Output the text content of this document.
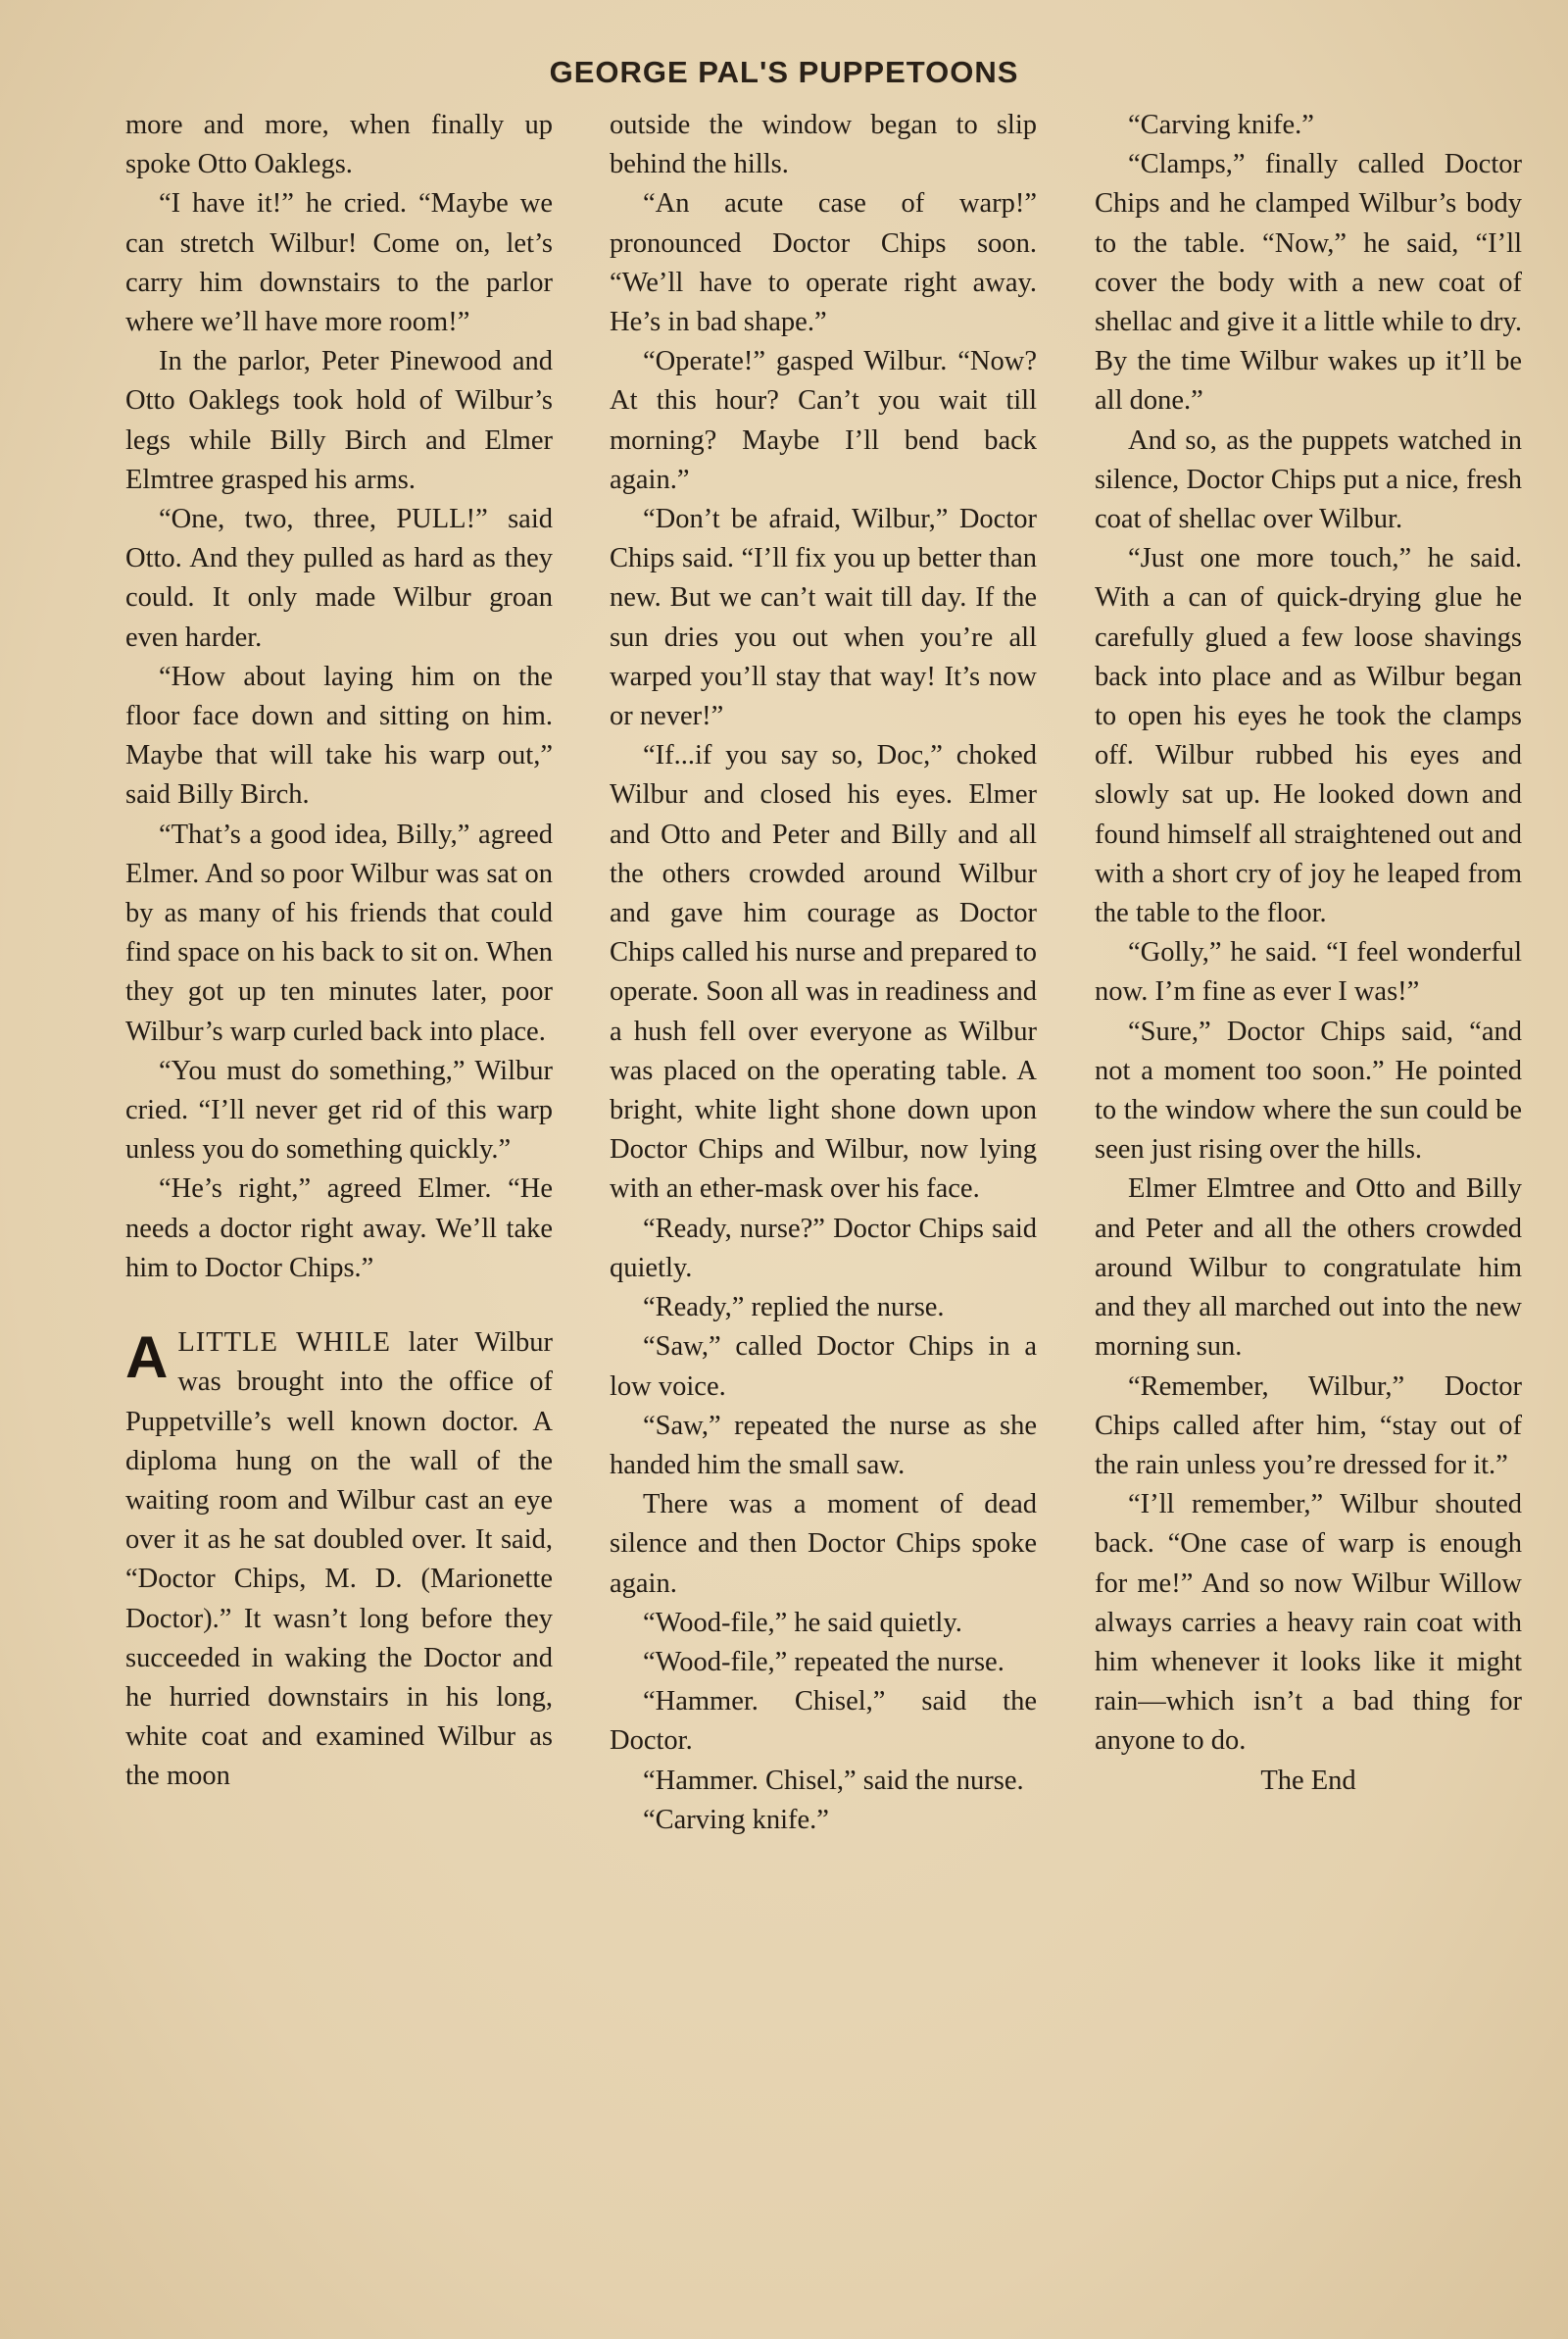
GEORGE PAL'S PUPPETOONS

more and more, when finally up spoke Otto Oaklegs.

“I have it!” he cried. “Maybe we can stretch Wilbur! Come on, let’s carry him downstairs to the parlor where we’ll have more room!”

In the parlor, Peter Pinewood and Otto Oaklegs took hold of Wilbur’s legs while Billy Birch and Elmer Elmtree grasped his arms.

“One, two, three, PULL!” said Otto. And they pulled as hard as they could. It only made Wilbur groan even harder.

“How about laying him on the floor face down and sitting on him. Maybe that will take his warp out,” said Billy Birch.

“That’s a good idea, Billy,” agreed Elmer. And so poor Wilbur was sat on by as many of his friends that could find space on his back to sit on. When they got up ten minutes later, poor Wilbur’s warp curled back into place.

“You must do something,” Wilbur cried. “I’ll never get rid of this warp unless you do something quickly.”

“He’s right,” agreed Elmer. “He needs a doctor right away. We’ll take him to Doctor Chips.”

ALITTLE WHILE later Wilbur was brought into the office of Puppetville’s well known doctor. A diploma hung on the wall of the waiting room and Wilbur cast an eye over it as he sat doubled over. It said, “Doctor Chips, M. D. (Marionette Doctor).” It wasn’t long before they succeeded in waking the Doctor and he hurried downstairs in his long, white coat and examined Wilbur as the moon

outside the window began to slip behind the hills.

“An acute case of warp!” pronounced Doctor Chips soon. “We’ll have to operate right away. He’s in bad shape.”

“Operate!” gasped Wilbur. “Now? At this hour? Can’t you wait till morning? Maybe I’ll bend back again.”

“Don’t be afraid, Wilbur,” Doctor Chips said. “I’ll fix you up better than new. But we can’t wait till day. If the sun dries you out when you’re all warped you’ll stay that way! It’s now or never!”

“If...if you say so, Doc,” choked Wilbur and closed his eyes. Elmer and Otto and Peter and Billy and all the others crowded around Wilbur and gave him courage as Doctor Chips called his nurse and prepared to operate. Soon all was in readiness and a hush fell over everyone as Wilbur was placed on the operating table. A bright, white light shone down upon Doctor Chips and Wilbur, now lying with an ether-mask over his face.

“Ready, nurse?” Doctor Chips said quietly.

“Ready,” replied the nurse.

“Saw,” called Doctor Chips in a low voice.

“Saw,” repeated the nurse as she handed him the small saw.

There was a moment of dead silence and then Doctor Chips spoke again.

“Wood-file,” he said quietly.

“Wood-file,” repeated the nurse.

“Hammer. Chisel,” said the Doctor.

“Hammer. Chisel,” said the nurse.

“Carving knife.”

“Carving knife.”

“Clamps,” finally called Doctor Chips and he clamped Wilbur’s body to the table. “Now,” he said, “I’ll cover the body with a new coat of shellac and give it a little while to dry. By the time Wilbur wakes up it’ll be all done.”

And so, as the puppets watched in silence, Doctor Chips put a nice, fresh coat of shellac over Wilbur.

“Just one more touch,” he said. With a can of quick-drying glue he carefully glued a few loose shavings back into place and as Wilbur began to open his eyes he took the clamps off. Wilbur rubbed his eyes and slowly sat up. He looked down and found himself all straightened out and with a short cry of joy he leaped from the table to the floor.

“Golly,” he said. “I feel wonderful now. I’m fine as ever I was!”

“Sure,” Doctor Chips said, “and not a moment too soon.” He pointed to the window where the sun could be seen just rising over the hills.

Elmer Elmtree and Otto and Billy and Peter and all the others crowded around Wilbur to congratulate him and they all marched out into the new morning sun.

“Remember, Wilbur,” Doctor Chips called after him, “stay out of the rain unless you’re dressed for it.”

“I’ll remember,” Wilbur shouted back. “One case of warp is enough for me!” And so now Wilbur Willow always carries a heavy rain coat with him whenever it looks like it might rain—which isn’t a bad thing for anyone to do.

The End
